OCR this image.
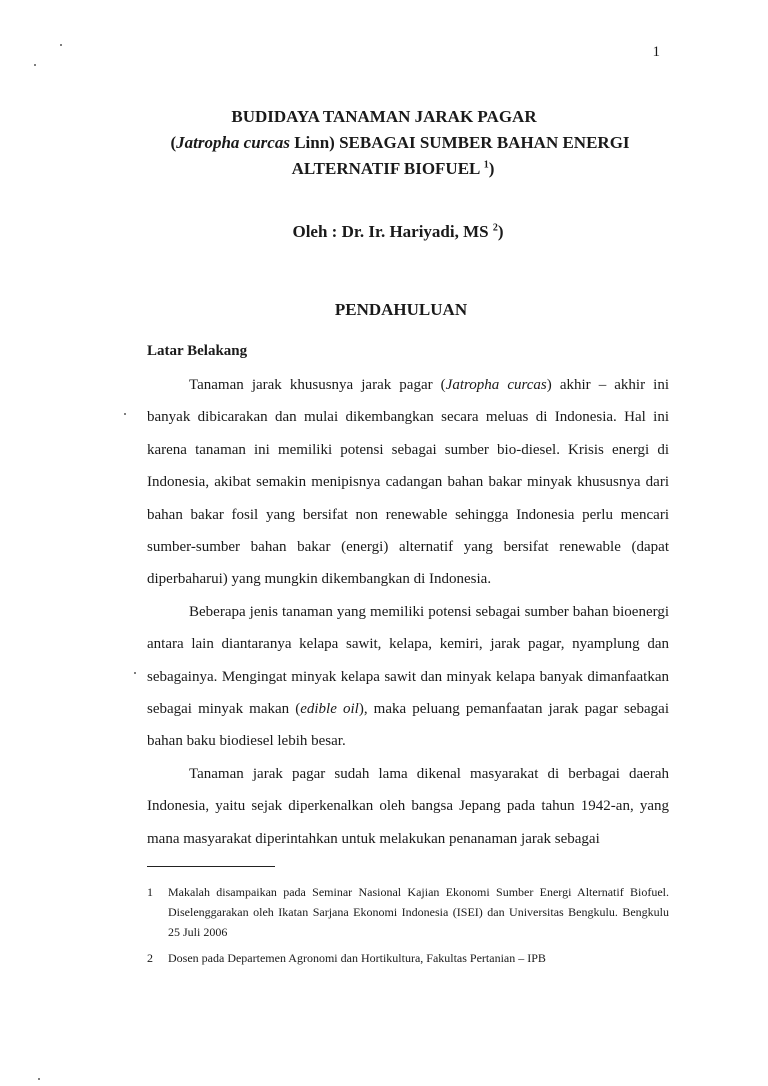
1
BUDIDAYA TANAMAN JARAK PAGAR
(Jatropha curcas Linn) SEBAGAI SUMBER BAHAN ENERGI
ALTERNATIF BIOFUEL $^1$)
Oleh : Dr. Ir. Hariyadi, MS $^2$)
PENDAHULUAN
Latar Belakang

Tanaman jarak khususnya jarak pagar (Jatropha curcas) akhir – akhir ini banyak dibicarakan dan mulai dikembangkan secara meluas di Indonesia. Hal ini karena tanaman ini memiliki potensi sebagai sumber bio-diesel. Krisis energi di Indonesia, akibat semakin menipisnya cadangan bahan bakar minyak khususnya dari bahan bakar fosil yang bersifat non renewable sehingga Indonesia perlu mencari sumber-sumber bahan bakar (energi) alternatif yang bersifat renewable (dapat diperbaharui) yang mungkin dikembangkan di Indonesia.

Beberapa jenis tanaman yang memiliki potensi sebagai sumber bahan bioenergi antara lain diantaranya kelapa sawit, kelapa, kemiri, jarak pagar, nyamplung dan sebagainya. Mengingat minyak kelapa sawit dan minyak kelapa banyak dimanfaatkan sebagai minyak makan (edible oil), maka peluang pemanfaatan jarak pagar sebagai bahan baku biodiesel lebih besar.

Tanaman jarak pagar sudah lama dikenal masyarakat di berbagai daerah Indonesia, yaitu sejak diperkenalkan oleh bangsa Jepang pada tahun 1942-an, yang mana masyarakat diperintahkan untuk melakukan penanaman jarak sebagai

1	Makalah disampaikan pada Seminar Nasional Kajian Ekonomi Sumber Energi Alternatif Biofuel. Diselenggarakan oleh Ikatan Sarjana Ekonomi Indonesia (ISEI) dan Universitas Bengkulu. Bengkulu 25 Juli 2006
2	Dosen pada Departemen Agronomi dan Hortikultura, Fakultas Pertanian – IPB
